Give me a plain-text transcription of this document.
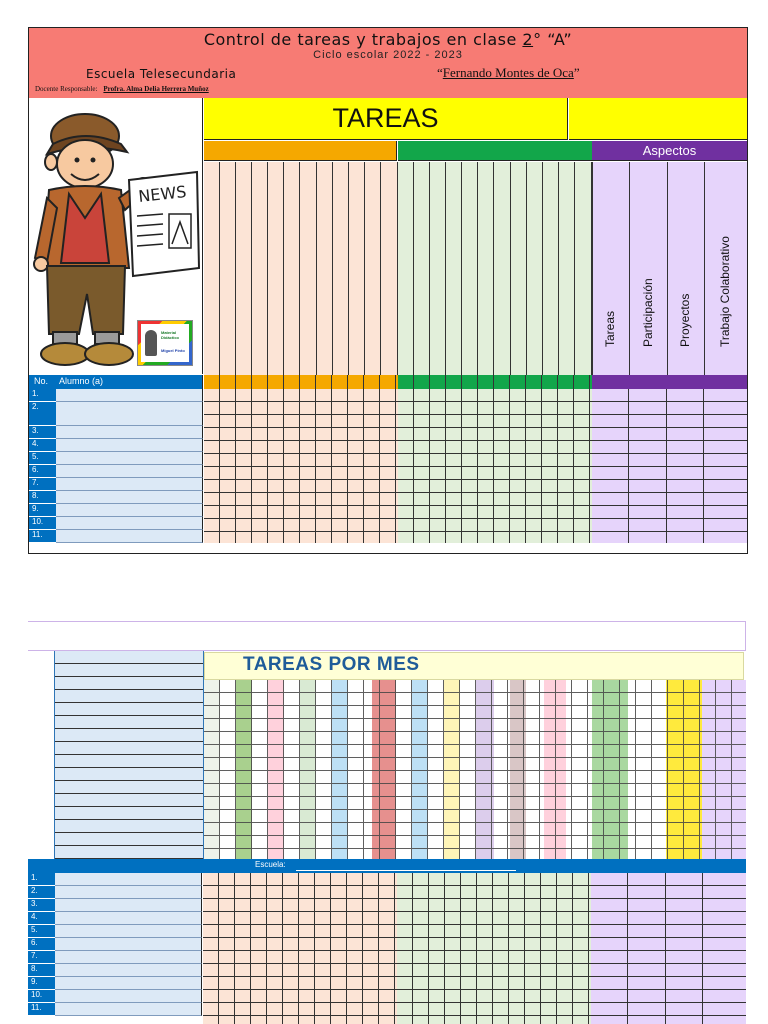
Control de tareas y trabajos en clase 2° “A”
Ciclo escolar 2022 - 2023
Escuela Telesecundaria	“Fernando Montes de Oca”
Docente Responsable: Profra. Alma Delia Herrera Muñoz
NEWS
Material
Didáctico
Miguel Pinto
TAREAS
Aspectos
Tareas Participación Proyectos Trabajo Colaborativo
No. Alumno (a)
1.
2.
3.
4.
5.
6.
7.
8.
9.
10.
11.
TAREAS POR MES
Escuela:
1.
2.
3.
4.
5.
6.
7.
8.
9.
10.
11.
